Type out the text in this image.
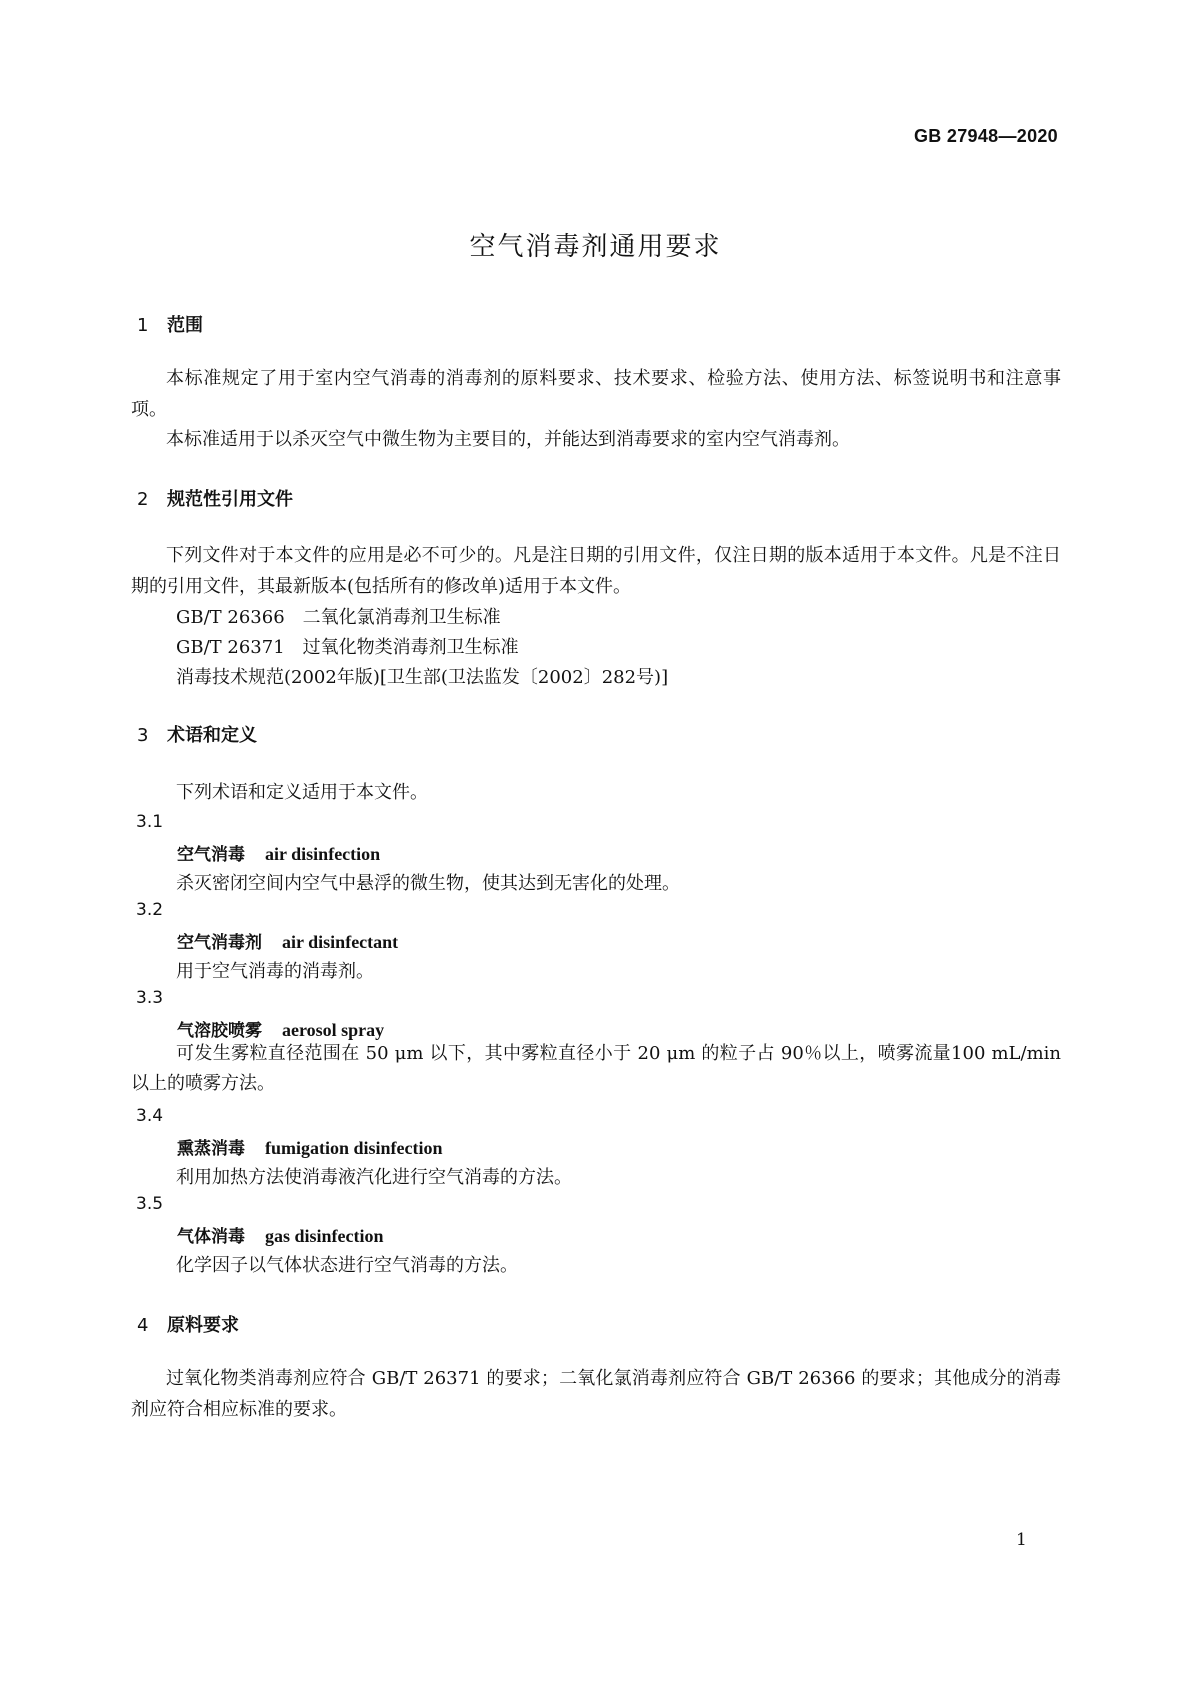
GB 27948—2020
空气消毒剂通用要求
1 范围
本标准规定了用于室内空气消毒的消毒剂的原料要求、技术要求、检验方法、使用方法、标签说明书和注意事项。
本标准适用于以杀灭空气中微生物为主要目的，并能达到消毒要求的室内空气消毒剂。
2 规范性引用文件
下列文件对于本文件的应用是必不可少的。凡是注日期的引用文件，仅注日期的版本适用于本文件。凡是不注日期的引用文件，其最新版本(包括所有的修改单)适用于本文件。
GB/T 26366　二氧化氯消毒剂卫生标准
GB/T 26371　过氧化物类消毒剂卫生标准
消毒技术规范(2002年版)[卫生部(卫法监发〔2002〕282号)]
3 术语和定义
下列术语和定义适用于本文件。
3.1
空气消毒 air disinfection
杀灭密闭空间内空气中悬浮的微生物，使其达到无害化的处理。
3.2
空气消毒剂 air disinfectant
用于空气消毒的消毒剂。
3.3
气溶胶喷雾 aerosol spray
可发生雾粒直径范围在 50 μm 以下，其中雾粒直径小于 20 μm 的粒子占 90％以上，喷雾流量100 mL/min 以上的喷雾方法。
3.4
熏蒸消毒 fumigation disinfection
利用加热方法使消毒液汽化进行空气消毒的方法。
3.5
气体消毒 gas disinfection
化学因子以气体状态进行空气消毒的方法。
4 原料要求
过氧化物类消毒剂应符合 GB/T 26371 的要求；二氧化氯消毒剂应符合 GB/T 26366 的要求；其他成分的消毒剂应符合相应标准的要求。
1
